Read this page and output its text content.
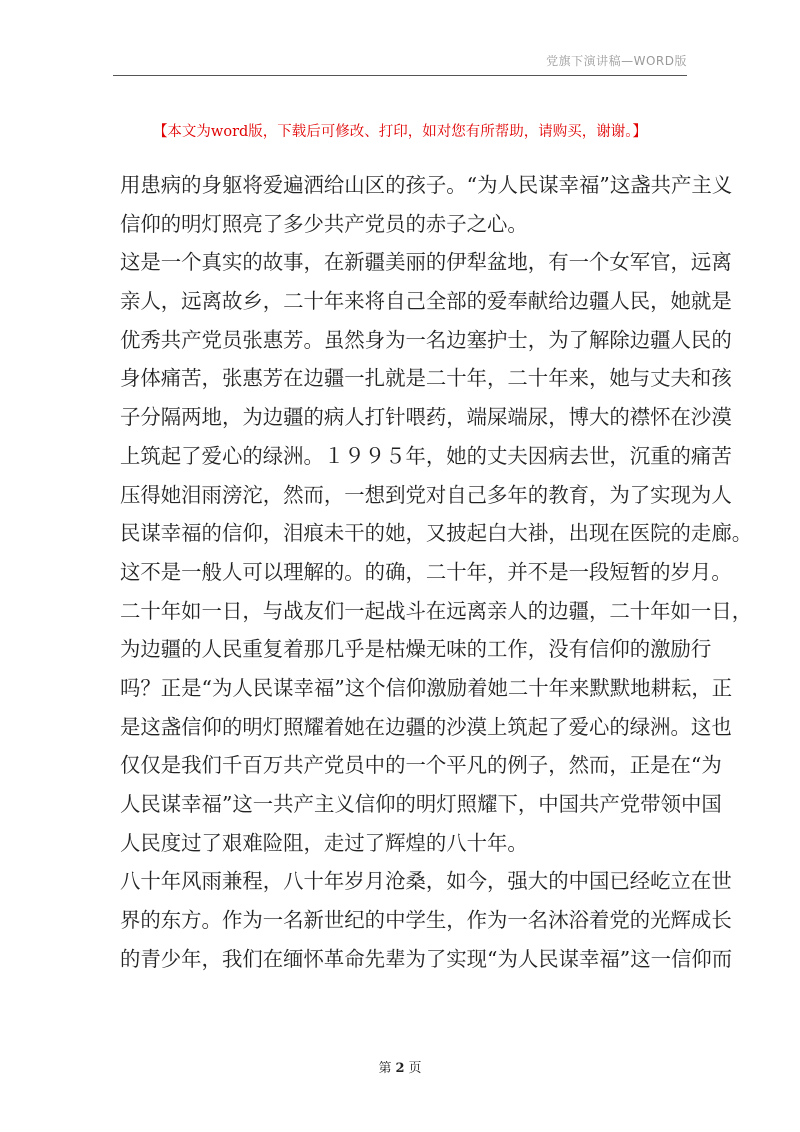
党旗下演讲稿—WORD版
【本文为word版，下载后可修改、打印，如对您有所帮助，请购买，谢谢。】
用患病的身躯将爱遍洒给山区的孩子。“为人民谋幸福”这盏共产主义
信仰的明灯照亮了多少共产党员的赤子之心。
这是一个真实的故事，在新疆美丽的伊犁盆地，有一个女军官，远离
亲人，远离故乡，二十年来将自己全部的爱奉献给边疆人民，她就是
优秀共产党员张惠芳。虽然身为一名边塞护士，为了解除边疆人民的
身体痛苦，张惠芳在边疆一扎就是二十年，二十年来，她与丈夫和孩
子分隔两地，为边疆的病人打针喂药，端屎端尿，博大的襟怀在沙漠
上筑起了爱心的绿洲。１９９５年，她的丈夫因病去世，沉重的痛苦
压得她泪雨滂沱，然而，一想到党对自己多年的教育，为了实现为人
民谋幸福的信仰，泪痕未干的她，又披起白大褂，出现在医院的走廊。
这不是一般人可以理解的。的确，二十年，并不是一段短暂的岁月。
二十年如一日，与战友们一起战斗在远离亲人的边疆，二十年如一日，
为边疆的人民重复着那几乎是枯燥无味的工作，没有信仰的激励行
吗？正是“为人民谋幸福”这个信仰激励着她二十年来默默地耕耘，正
是这盏信仰的明灯照耀着她在边疆的沙漠上筑起了爱心的绿洲。这也
仅仅是我们千百万共产党员中的一个平凡的例子，然而，正是在“为
人民谋幸福”这一共产主义信仰的明灯照耀下，中国共产党带领中国
人民度过了艰难险阻，走过了辉煌的八十年。
八十年风雨兼程，八十年岁月沧桑，如今，强大的中国已经屹立在世
界的东方。作为一名新世纪的中学生，作为一名沐浴着党的光辉成长
的青少年，我们在缅怀革命先辈为了实现“为人民谋幸福”这一信仰而
第 2 页
